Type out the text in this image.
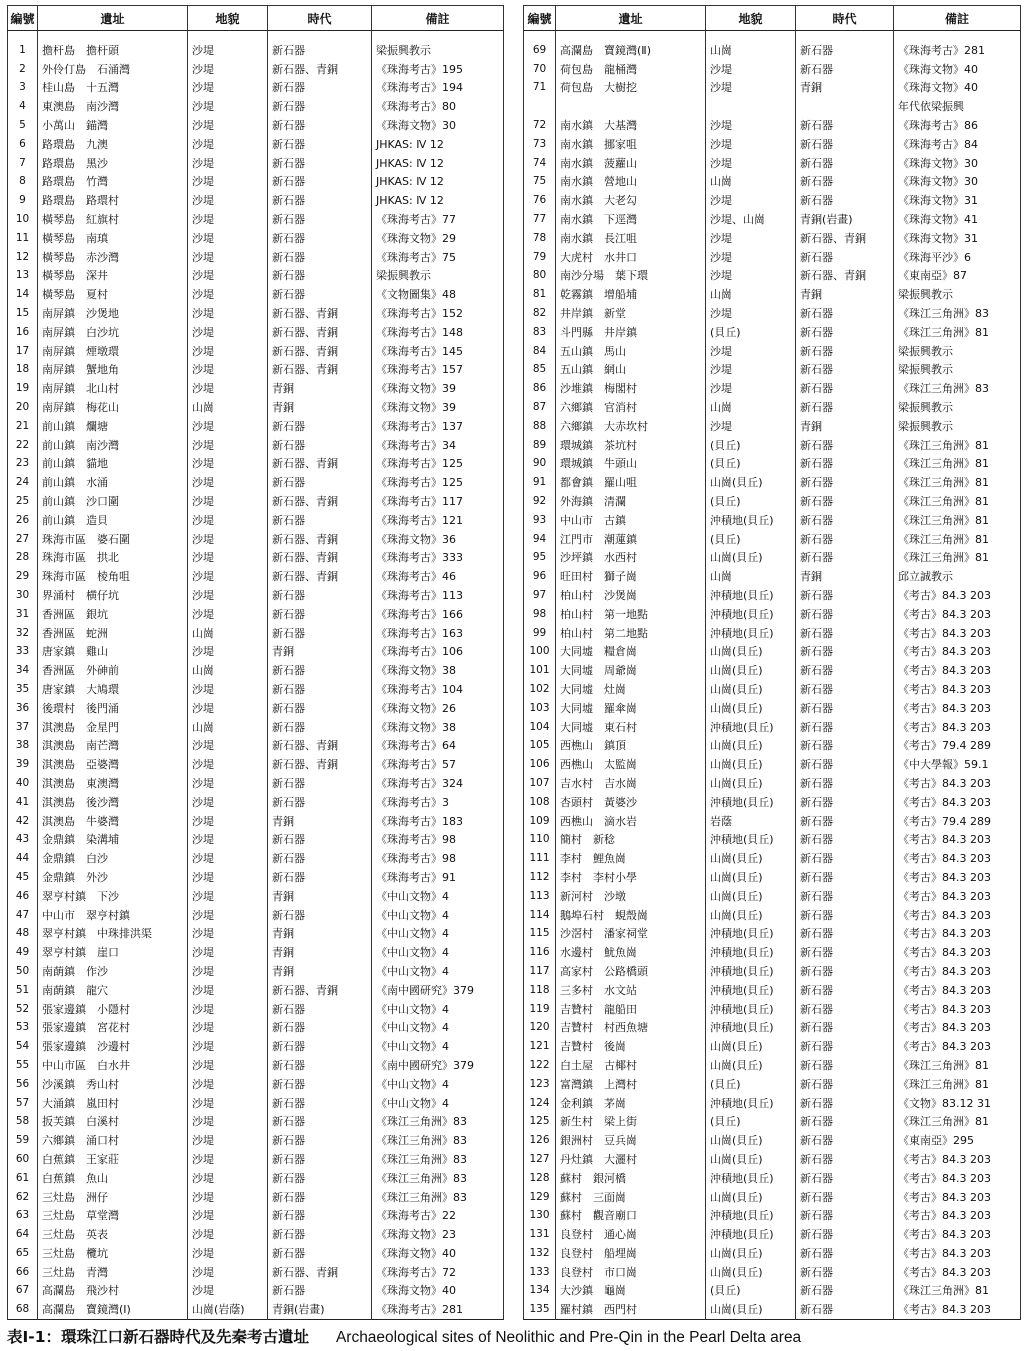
編號	遺址	地貌	時代	備註

1	擔杆島　擔杆頭	沙堤	新石器	梁振興教示
2	外伶仃島　石涌灣	沙堤	新石器、青銅	《珠海考古》195
3	桂山島　十五灣	沙堤	新石器	《珠海考古》194
4	東澳島　南沙灣	沙堤	新石器	《珠海考古》80
5	小萬山　錨灣	沙堤	新石器	《珠海文物》30
6	路環島　九澳	沙堤	新石器	JHKAS: Ⅳ 12
7	路環島　黑沙	沙堤	新石器	JHKAS: Ⅳ 12
8	路環島　竹灣	沙堤	新石器	JHKAS: Ⅳ 12
9	路環島　路環村	沙堤	新石器	JHKAS: Ⅳ 12
10	橫琴島　紅旗村	沙堤	新石器	《珠海考古》77
11	橫琴島　南瑱	沙堤	新石器	《珠海文物》29
12	橫琴島　赤沙灣	沙堤	新石器	《珠海考古》75
13	橫琴島　深井	沙堤	新石器	梁振興教示
14	橫琴島　夏村	沙堤	新石器	《文物圖集》48
15	南屏鎮　沙煲地	沙堤	新石器、青銅	《珠海考古》152
16	南屏鎮　白沙坑	沙堤	新石器、青銅	《珠海考古》148
17	南屏鎮　煙墩環	沙堤	新石器、青銅	《珠海考古》145
18	南屏鎮　蟹地角	沙堤	新石器、青銅	《珠海考古》157
19	南屏鎮　北山村	沙堤	青銅	《珠海文物》39
20	南屏鎮　梅花山	山崗	青銅	《珠海文物》39
21	前山鎮　爛塘	沙堤	新石器	《珠海考古》137
22	前山鎮　南沙灣	沙堤	新石器	《珠海考古》34
23	前山鎮　貓地	沙堤	新石器、青銅	《珠海考古》125
24	前山鎮　水涌	沙堤	新石器	《珠海考古》125
25	前山鎮　沙口圍	沙堤	新石器、青銅	《珠海考古》117
26	前山鎮　造貝	沙堤	新石器	《珠海考古》121
27	珠海市區　婆石圍	沙堤	新石器、青銅	《珠海文物》36
28	珠海市區　拱北	沙堤	新石器、青銅	《珠海考古》333
29	珠海市區　棱角咀	沙堤	新石器、青銅	《珠海考古》46
30	界涌村　横仔坑	沙堤	新石器	《珠海考古》113
31	香洲區　銀坑	沙堤	新石器	《珠海考古》166
32	香洲區　蛇洲	山崗	新石器	《珠海考古》163
33	唐家鎮　雞山	沙堤	青銅	《珠海考古》106
34	香洲區　外砷前	山崗	新石器	《珠海文物》38
35	唐家鎮　大鳩環	沙堤	新石器	《珠海考古》104
36	後環村　後門涌	沙堤	新石器	《珠海文物》26
37	淇澳島　金星門	山崗	新石器	《珠海文物》38
38	淇澳島　南芒灣	沙堤	新石器、青銅	《珠海考古》64
39	淇澳島　亞婆灣	沙堤	新石器、青銅	《珠海考古》57
40	淇澳島　東澳灣	沙堤	新石器	《珠海考古》324
41	淇澳島　後沙灣	沙堤	新石器	《珠海考古》3
42	淇澳島　牛婆灣	沙堤	青銅	《珠海考古》183
43	金鼎鎮　染溝埔	沙堤	新石器	《珠海考古》98
44	金鼎鎮　白沙	沙堤	新石器	《珠海考古》98
45	金鼎鎮　外沙	沙堤	新石器	《珠海考古》91
46	翠亨村鎮　下沙	沙堤	青銅	《中山文物》4
47	中山市　翠亨村鎮	沙堤	新石器	《中山文物》4
48	翠亨村鎮　中珠排洪渠	沙堤	青銅	《中山文物》4
49	翠亨村鎮　崖口	沙堤	青銅	《中山文物》4
50	南蓢鎮　作沙	沙堤	青銅	《中山文物》4
51	南蓢鎮　龍穴	沙堤	新石器、青銅	《南中國研究》379
52	張家邊鎮　小隱村	沙堤	新石器	《中山文物》4
53	張家邊鎮　宮花村	沙堤	新石器	《中山文物》4
54	張家邊鎮　沙邊村	沙堤	新石器	《中山文物》4
55	中山市區　白水井	沙堤	新石器	《南中國研究》379
56	沙溪鎮　秀山村	沙堤	新石器	《中山文物》4
57	大涌鎮　嵐田村	沙堤	新石器	《中山文物》4
58	扳芙鎮　白溪村	沙堤	新石器	《珠江三角洲》83
59	六鄉鎮　涌口村	沙堤	新石器	《珠江三角洲》83
60	白蕉鎮　王家莊	沙堤	新石器	《珠江三角洲》83
61	白蕉鎮　魚山	沙堤	新石器	《珠江三角洲》83
62	三灶島　洲仔	沙堤	新石器	《珠江三角洲》83
63	三灶島　草堂灣	沙堤	新石器	《珠海考古》22
64	三灶島　英表	沙堤	新石器	《珠海文物》23
65	三灶島　欖坑	沙堤	新石器	《珠海文物》40
66	三灶島　青灣	沙堤	新石器、青銅	《珠海考古》72
67	高瀾島　飛沙村	沙堤	新石器	《珠海文物》40
68	高瀾島　寶鏡灣(Ⅰ)	山崗(岩蔭)	青銅(岩畫)	《珠海考古》281
編號	遺址	地貌	時代	備註

69	高瀾島　寶鏡灣(Ⅱ)	山崗	新石器	《珠海考古》281
70	荷包島　龍桶灣	沙堤	新石器	《珠海文物》40
71	荷包島　大樹挖	沙堤	青銅	《珠海文物》40
				年代依梁振興
72	南水鎮　大基灣	沙堤	新石器	《珠海考古》86
73	南水鎮　挪家咀	沙堤	新石器	《珠海考古》84
74	南水鎮　菠蘿山	沙堤	新石器	《珠海文物》30
75	南水鎮　營地山	山崗	新石器	《珠海文物》30
76	南水鎮　大老勾	沙堤	新石器	《珠海文物》31
77	南水鎮　下逕灣	沙堤、山崗	青銅(岩畫)	《珠海文物》41
78	南水鎮　長江咀	沙堤	新石器、青銅	《珠海文物》31
79	大虎村　水井口	沙堤	新石器	《珠海平沙》6
80	南沙分場　葉下環	沙堤	新石器、青銅	《東南亞》87
81	乾霧鎮　增船埔	山崗	青銅	梁振興教示
82	井岸鎮　新堂	沙堤	新石器	《珠江三角洲》83
83	斗門縣　井岸鎮	(貝丘)	新石器	《珠江三角洲》81
84	五山鎮　馬山	沙堤	新石器	梁振興教示
85	五山鎮　網山	沙堤	新石器	梁振興教示
86	沙堆鎮　梅閣村	沙堤	新石器	《珠江三角洲》83
87	六鄉鎮　官消村	山崗	新石器	梁振興教示
88	六鄉鎮　大赤坎村	沙堤	青銅	梁振興教示
89	環城鎮　茶坑村	(貝丘)	新石器	《珠江三角洲》81
90	環城鎮　牛頭山	(貝丘)	新石器	《珠江三角洲》81
91	都會鎮　羅山咀	山崗(貝丘)	新石器	《珠江三角洲》81
92	外海鎮　清瀾	(貝丘)	新石器	《珠江三角洲》81
93	中山市　古鎮	沖積地(貝丘)	新石器	《珠江三角洲》81
94	江門市　潮蓮鎮	(貝丘)	新石器	《珠江三角洲》81
95	沙坪鎮　水西村	山崗(貝丘)	新石器	《珠江三角洲》81
96	旺田村　獅子崗	山崗	青銅	邱立誠教示
97	柏山村　沙煲崗	沖積地(貝丘)	新石器	《考古》84.3 203
98	柏山村　第一地點	沖積地(貝丘)	新石器	《考古》84.3 203
99	柏山村　第二地點	沖積地(貝丘)	新石器	《考古》84.3 203
100	大同墟　糧倉崗	山崗(貝丘)	新石器	《考古》84.3 203
101	大同墟　周爺崗	山崗(貝丘)	新石器	《考古》84.3 203
102	大同墟　灶崗	山崗(貝丘)	新石器	《考古》84.3 203
103	大同墟　羅傘崗	山崗(貝丘)	新石器	《考古》84.3 203
104	大同墟　東石村	沖積地(貝丘)	新石器	《考古》84.3 203
105	西樵山　鎮頂	山崗(貝丘)	新石器	《考古》79.4 289
106	西樵山　太監崗	山崗(貝丘)	新石器	《中大學報》59.1
107	吉水村　吉水崗	山崗(貝丘)	新石器	《考古》84.3 203
108	杏頭村　黃婆沙	沖積地(貝丘)	新石器	《考古》84.3 203
109	西樵山　滴水岩	岩蔭	新石器	《考古》79.4 289
110	簡村　新稔	沖積地(貝丘)	新石器	《考古》84.3 203
111	李村　鯉魚崗	山崗(貝丘)	新石器	《考古》84.3 203
112	李村　李村小學	山崗(貝丘)	新石器	《考古》84.3 203
113	新河村　沙墩	山崗(貝丘)	新石器	《考古》84.3 203
114	鵝埠石村　蜆殼崗	山崗(貝丘)	新石器	《考古》84.3 203
115	沙滘村　潘家祠堂	沖積地(貝丘)	新石器	《考古》84.3 203
116	水邊村　魷魚崗	沖積地(貝丘)	新石器	《考古》84.3 203
117	高家村　公路橋頭	沖積地(貝丘)	新石器	《考古》84.3 203
118	三多村　水文站	沖積地(貝丘)	新石器	《考古》84.3 203
119	吉贊村　龍船田	沖積地(貝丘)	新石器	《考古》84.3 203
120	吉贊村　村西魚塘	沖積地(貝丘)	新石器	《考古》84.3 203
121	吉贊村　後崗	山崗(貝丘)	新石器	《考古》84.3 203
122	白土屋　古椰村	山崗(貝丘)	新石器	《珠江三角洲》81
123	富灣鎮　上灣村	(貝丘)	新石器	《珠江三角洲》81
124	金利鎮　茅崗	沖積地(貝丘)	新石器	《文物》83.12 31
125	新生村　梁上街	(貝丘)	新石器	《珠江三角洲》81
126	銀洲村　豆兵崗	山崗(貝丘)	新石器	《東南亞》295
127	丹灶鎮　大灑村	山崗(貝丘)	新石器	《考古》84.3 203
128	蘇村　銀河橋	沖積地(貝丘)	新石器	《考古》84.3 203
129	蘇村　三面崗	山崗(貝丘)	新石器	《考古》84.3 203
130	蘇村　觀音廟口	沖積地(貝丘)	新石器	《考古》84.3 203
131	良登村　通心崗	沖積地(貝丘)	新石器	《考古》84.3 203
132	良登村　船埋崗	山崗(貝丘)	新石器	《考古》84.3 203
133	良登村　市口崗	山崗(貝丘)	新石器	《考古》84.3 203
134	大沙鎮　龜崗	(貝丘)	新石器	《珠江三角洲》81
135	羅村鎮　西門村	山崗(貝丘)	新石器	《考古》84.3 203
表Ⅰ-1：環珠江口新石器時代及先秦考古遺址 Archaeological sites of Neolithic and Pre-Qin in the Pearl Delta area
